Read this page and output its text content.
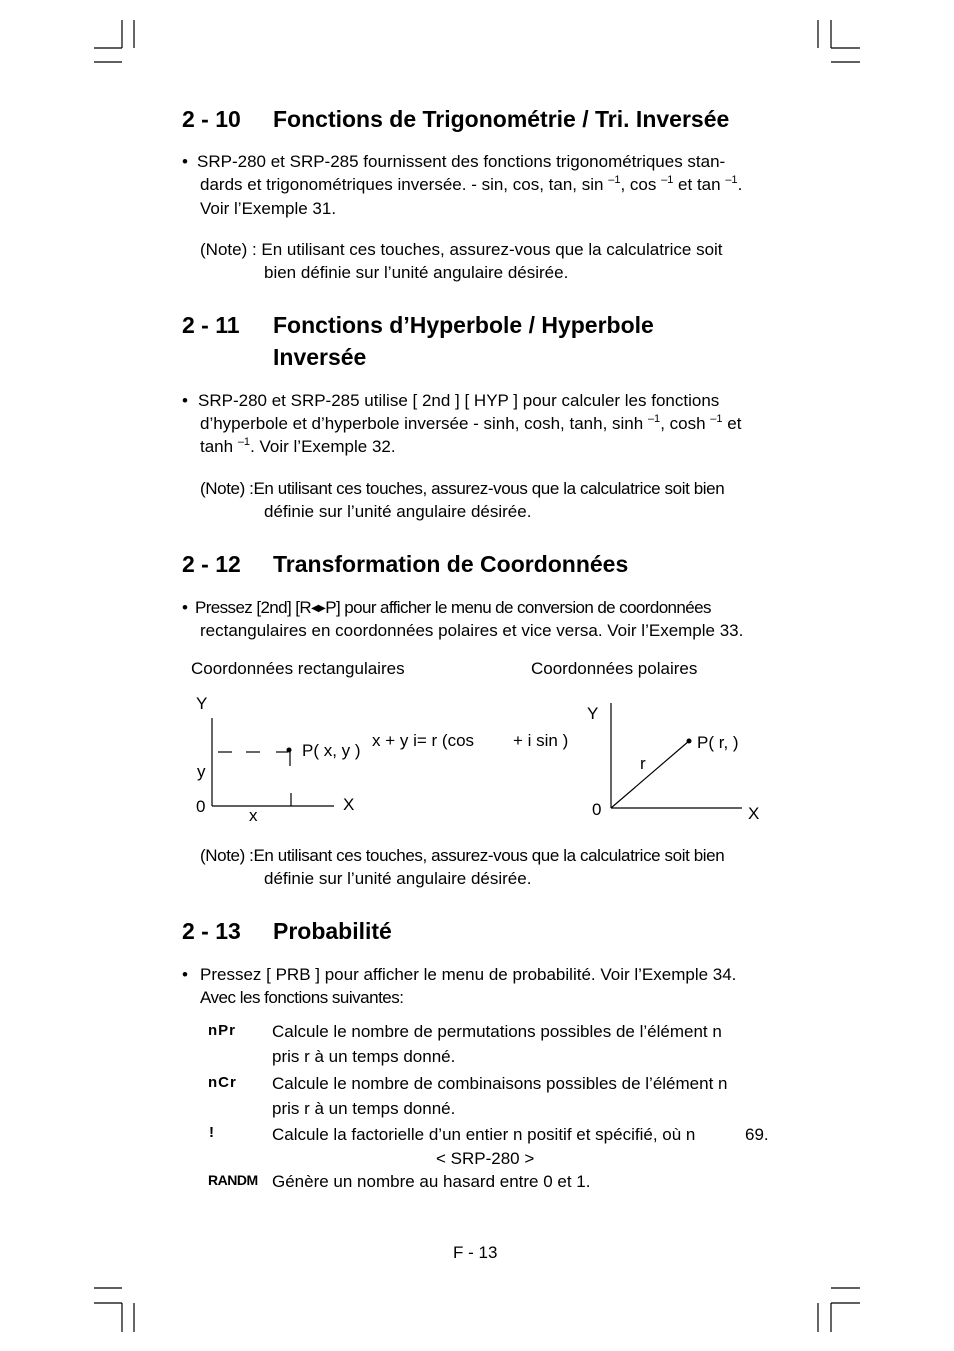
2 - 10 Fonctions de Trigonométrie / Tri. Inversée
• SRP-280 et SRP-285 fournissent des fonctions trigonométriques stan-
dards et trigonométriques inversée. - sin, cos, tan, sin $^{-1}$, cos $^{-1}$ et tan $^{-1}$.
Voir l’Exemple 31.
(Note) : En utilisant ces touches, assurez-vous que la calculatrice soit
bien définie sur l’unité angulaire désirée.
2 - 11 Fonctions d’Hyperbole / Hyperbole
Inversée
• SRP-280 et SRP-285 utilise [ 2nd ] [ HYP ] pour calculer les fonctions
d’hyperbole et d’hyperbole inversée - sinh, cosh, tanh, sinh $^{-1}$, cosh $^{-1}$ et
tanh $^{-1}$. Voir l’Exemple 32.
(Note) :En utilisant ces touches, assurez-vous que la calculatrice soit bien
définie sur l’unité angulaire désirée.
2 - 12 Transformation de Coordonnées
• Pressez [2nd] [R◀▶P] pour afficher le menu de conversion de coordonnées
rectangulaires en coordonnées polaires et vice versa. Voir l’Exemple 33.
Coordonnées rectangulaires	Coordonnées polaires
Y
y
0	x
X
P( x, y )
x + y i= r (cos + i sin )
Y
r
0	X
P( r, )
(Note) :En utilisant ces touches, assurez-vous que la calculatrice soit bien
définie sur l’unité angulaire désirée.
2 - 13 Probabilité
• Pressez [ PRB ] pour afficher le menu de probabilité. Voir l’Exemple 34.
Avec les fonctions suivantes:
nPr Calcule le nombre de permutations possibles de l’élément n
pris r à un temps donné.
nCr Calcule le nombre de combinaisons possibles de l’élément n
pris r à un temps donné.
!	Calcule la factorielle d’un entier n positif et spécifié, où n	69.
< SRP-280 >
RANDM Génère un nombre au hasard entre 0 et 1.
F - 13
